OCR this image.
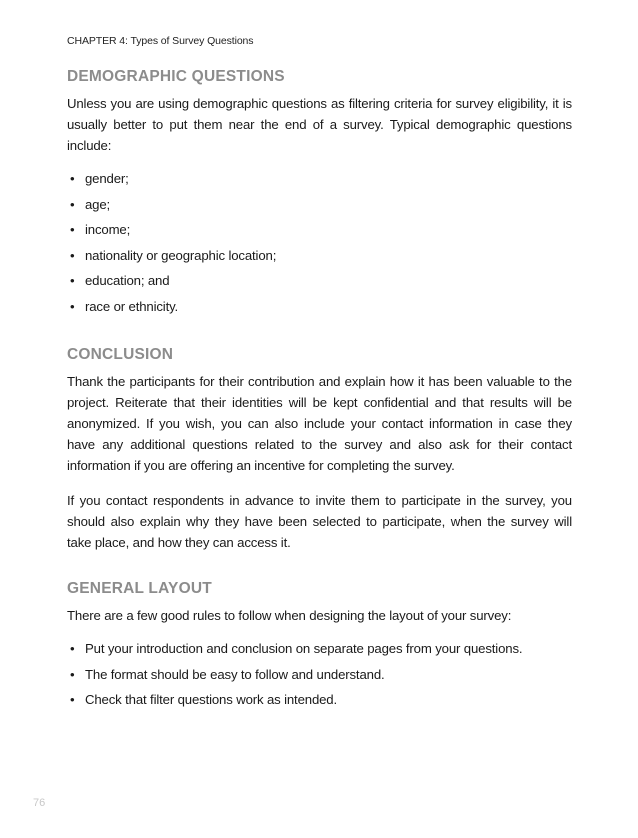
CHAPTER 4: Types of Survey Questions
DEMOGRAPHIC QUESTIONS

Unless you are using demographic questions as filtering criteria for survey eligibility, it is usually better to put them near the end of a survey. Typical demographic questions include:

• gender;
• age;
• income;
• nationality or geographic location;
• education; and
• race or ethnicity.
CONCLUSION

Thank the participants for their contribution and explain how it has been valuable to the project. Reiterate that their identities will be kept confidential and that results will be anonymized. If you wish, you can also include your contact information in case they have any additional questions related to the survey and also ask for their contact information if you are offering an incentive for completing the survey.

If you contact respondents in advance to invite them to participate in the survey, you should also explain why they have been selected to participate, when the survey will take place, and how they can access it.

GENERAL LAYOUT

There are a few good rules to follow when designing the layout of your survey:

• Put your introduction and conclusion on separate pages from your questions.
• The format should be easy to follow and understand.
• Check that filter questions work as intended.
76
